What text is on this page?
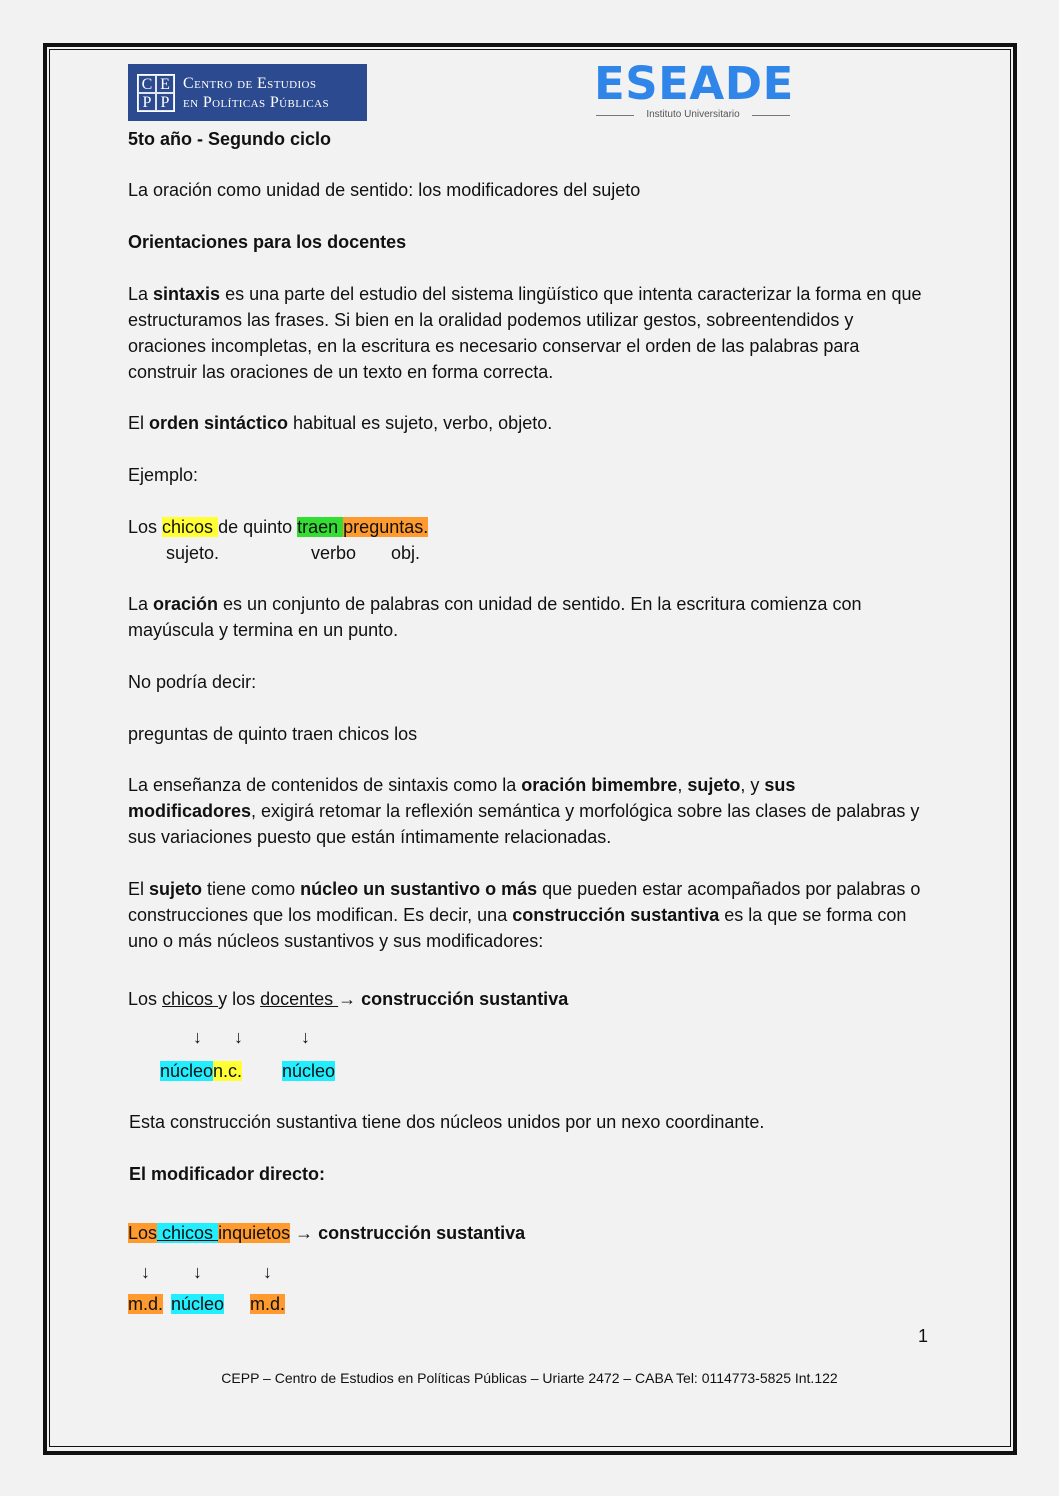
C E
P P
Centro de Estudios
en Políticas Públicas	ESEADE
Instituto Universitario
5to año - Segundo ciclo
La oración como unidad de sentido: los modificadores del sujeto
Orientaciones para los docentes
La sintaxis es una parte del estudio del sistema lingüístico que intenta caracterizar la forma en que estructuramos las frases. Si bien en la oralidad podemos utilizar gestos, sobreentendidos y oraciones incompletas, en la escritura es necesario conservar el orden de las palabras para construir las oraciones de un texto en forma correcta.
El orden sintáctico habitual es sujeto, verbo, objeto.
Ejemplo:
Los chicos de quinto traen preguntas.
sujeto.	verbo obj.
La oración es un conjunto de palabras con unidad de sentido. En la escritura comienza con mayúscula y termina en un punto.
No podría decir:
preguntas de quinto traen chicos los
La enseñanza de contenidos de sintaxis como la oración bimembre, sujeto, y sus modificadores, exigirá retomar la reflexión semántica y morfológica sobre las clases de palabras y sus variaciones puesto que están íntimamente relacionadas.
El sujeto tiene como núcleo un sustantivo o más que pueden estar acompañados por palabras o construcciones que los modifican. Es decir, una construcción sustantiva es la que se forma con uno o más núcleos sustantivos y sus modificadores:
Los chicos y los docentes → construcción sustantiva
↓ ↓	↓
núcleon.c. núcleo
Esta construcción sustantiva tiene dos núcleos unidos por un nexo coordinante.
El modificador directo:
Los chicos inquietos → construcción sustantiva
↓ ↓	↓
m.d. núcleo m.d.
1
CEPP – Centro de Estudios en Políticas Públicas – Uriarte 2472 – CABA Tel: 0114773-5825 Int.122
